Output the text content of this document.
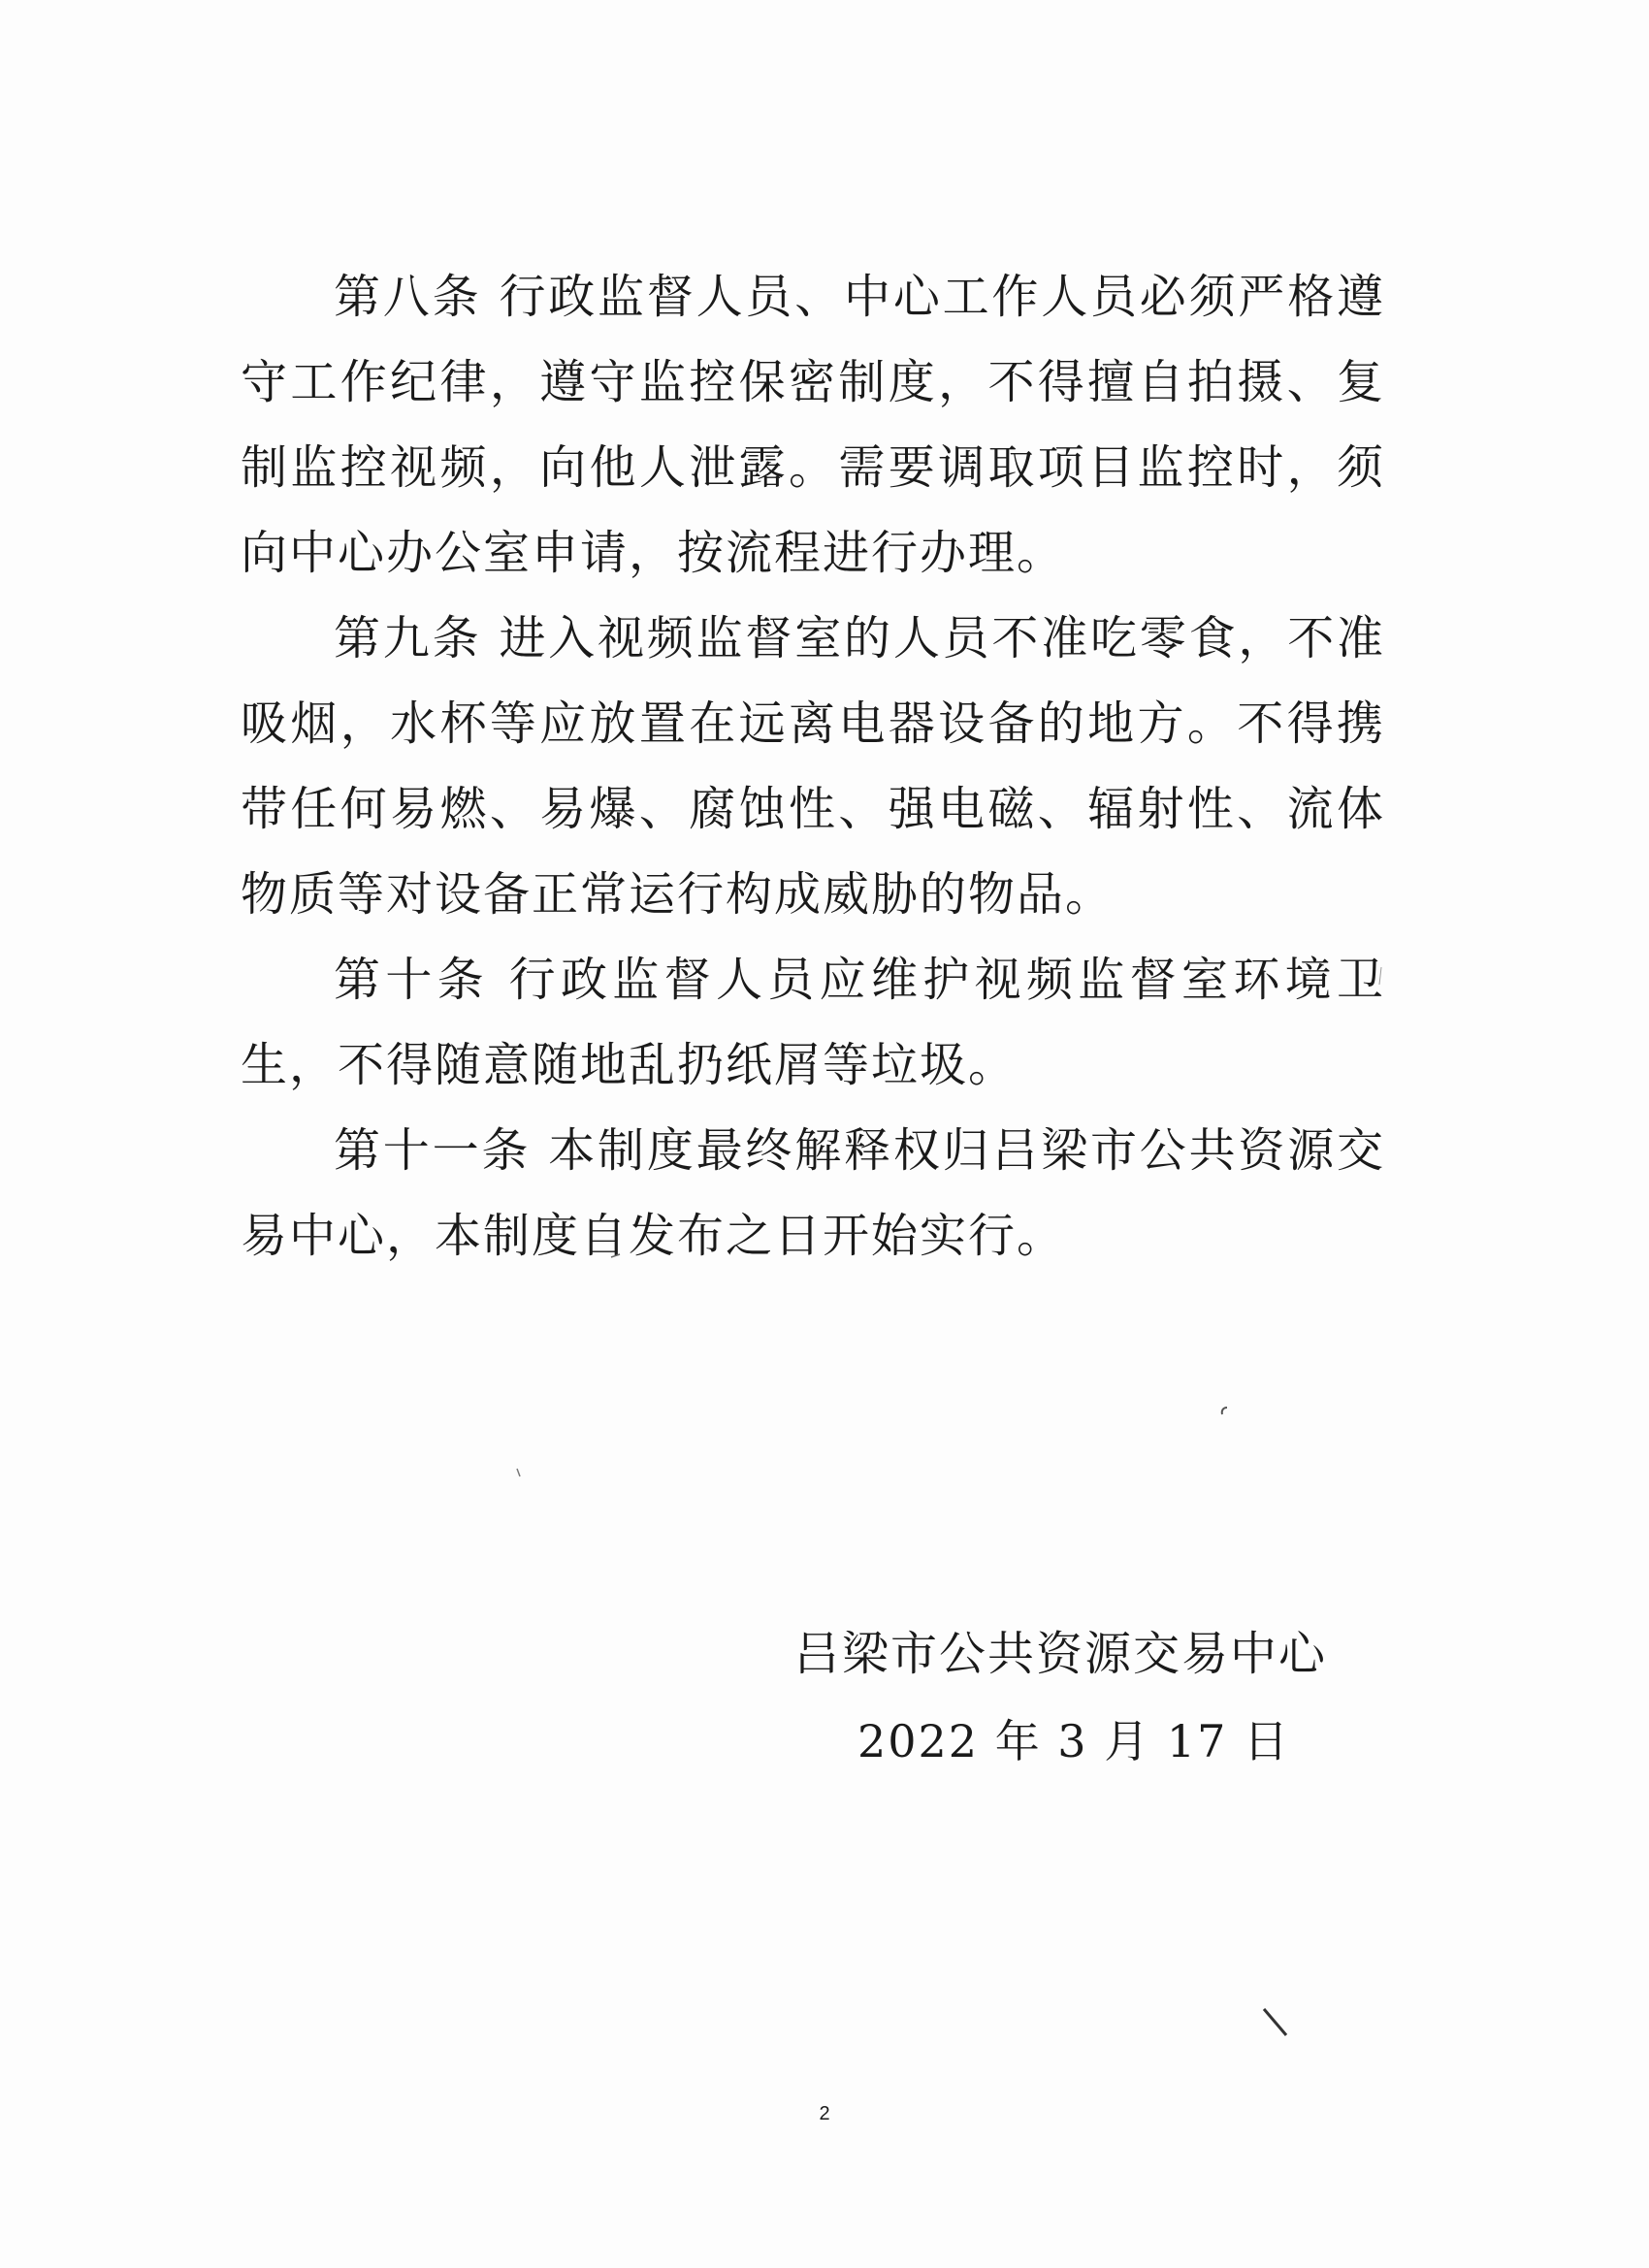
第八条 行政监督人员、中心工作人员必须严格遵守工作纪律，遵守监控保密制度，不得擅自拍摄、复制监控视频，向他人泄露。需要调取项目监控时，须向中心办公室申请，按流程进行办理。

第九条 进入视频监督室的人员不准吃零食，不准吸烟，水杯等应放置在远离电器设备的地方。不得携带任何易燃、易爆、腐蚀性、强电磁、辐射性、流体物质等对设备正常运行构成威胁的物品。

第十条 行政监督人员应维护视频监督室环境卫生，不得随意随地乱扔纸屑等垃圾。

第十一条 本制度最终解释权归吕梁市公共资源交易中心，本制度自发布之日开始实行。

吕梁市公共资源交易中心
2022 年 3 月 17 日
2
